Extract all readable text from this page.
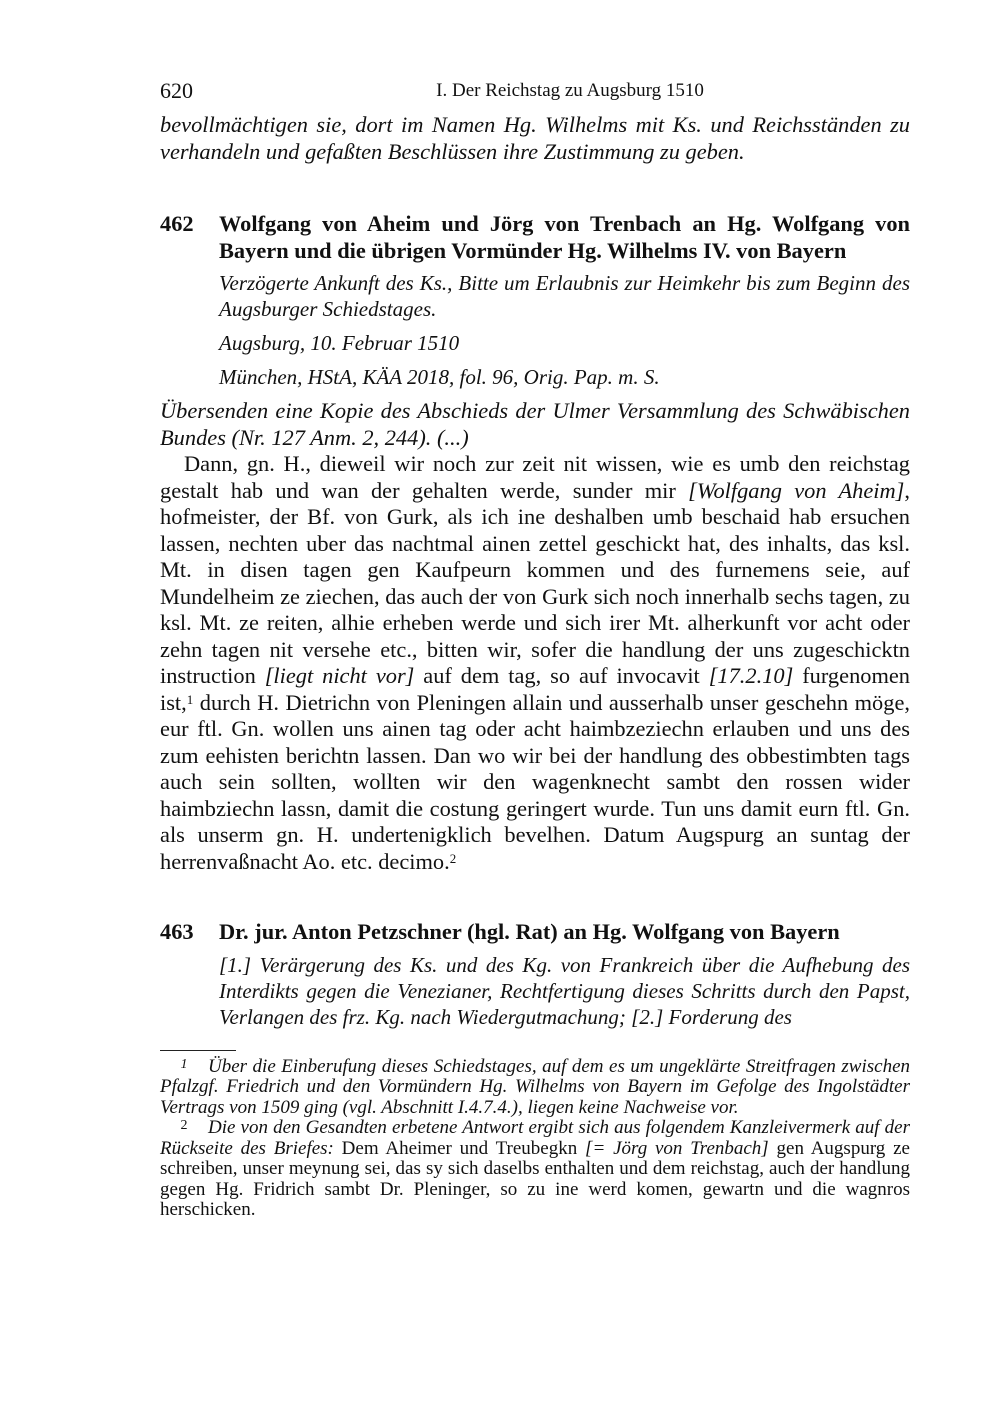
620	I. Der Reichstag zu Augsburg 1510

bevollmächtigen sie, dort im Namen Hg. Wilhelms mit Ks. und Reichsständen zu verhandeln und gefaßten Beschlüssen ihre Zustimmung zu geben.

462 Wolfgang von Aheim und Jörg von Trenbach an Hg. Wolfgang von Bayern und die übrigen Vormünder Hg. Wilhelms IV. von Bayern

Verzögerte Ankunft des Ks., Bitte um Erlaubnis zur Heimkehr bis zum Beginn des Augsburger Schiedstages.

Augsburg, 10. Februar 1510

München, HStA, KÄA 2018, fol. 96, Orig. Pap. m. S.

Übersenden eine Kopie des Abschieds der Ulmer Versammlung des Schwäbischen Bundes (Nr. 127 Anm. 2, 244). (...)

Dann, gn. H., dieweil wir noch zur zeit nit wissen, wie es umb den reichstag gestalt hab und wan der gehalten werde, sunder mir [Wolfgang von Aheim], hofmeister, der Bf. von Gurk, als ich ine deshalben umb beschaid hab ersuchen lassen, nechten uber das nachtmal ainen zettel geschickt hat, des inhalts, das ksl. Mt. in disen tagen gen Kaufpeurn kommen und des furnemens seie, auf Mundelheim ze ziechen, das auch der von Gurk sich noch innerhalb sechs tagen, zu ksl. Mt. ze reiten, alhie erheben werde und sich irer Mt. alherkunft vor acht oder zehn tagen nit versehe etc., bitten wir, sofer die handlung der uns zugeschicktn instruction [liegt nicht vor] auf dem tag, so auf invocavit [17.2.10] furgenomen ist,$^1$ durch H. Dietrichn von Pleningen allain und ausserhalb unser geschehn möge, eur ftl. Gn. wollen uns ainen tag oder acht haimbzeziechn erlauben und uns des zum eehisten berichtn lassen. Dan wo wir bei der handlung des obbestimbten tags auch sein sollten, wollten wir den wagenknecht sambt den rossen wider haimbziechn lassn, damit die costung geringert wurde. Tun uns damit eurn ftl. Gn. als unserm gn. H. undertenigklich bevelhen. Datum Augspurg an suntag der herrenvaßnacht Ao. etc. decimo.$^2$

463 Dr. jur. Anton Petzschner (hgl. Rat) an Hg. Wolfgang von Bayern

[1.] Verärgerung des Ks. und des Kg. von Frankreich über die Aufhebung des Interdikts gegen die Venezianer, Rechtfertigung dieses Schritts durch den Papst, Verlangen des frz. Kg. nach Wiedergutmachung; [2.] Forderung des

1 Über die Einberufung dieses Schiedstages, auf dem es um ungeklärte Streitfragen zwischen Pfalzgf. Friedrich und den Vormündern Hg. Wilhelms von Bayern im Gefolge des Ingolstädter Vertrags von 1509 ging (vgl. Abschnitt I.4.7.4.), liegen keine Nachweise vor.

2 Die von den Gesandten erbetene Antwort ergibt sich aus folgendem Kanzleivermerk auf der Rückseite des Briefes: Dem Aheimer und Treubegkn [= Jörg von Trenbach] gen Augspurg ze schreiben, unser meynung sei, das sy sich daselbs enthalten und dem reichstag, auch der handlung gegen Hg. Fridrich sambt Dr. Pleninger, so zu ine werd komen, gewartn und die wagnros herschicken.
